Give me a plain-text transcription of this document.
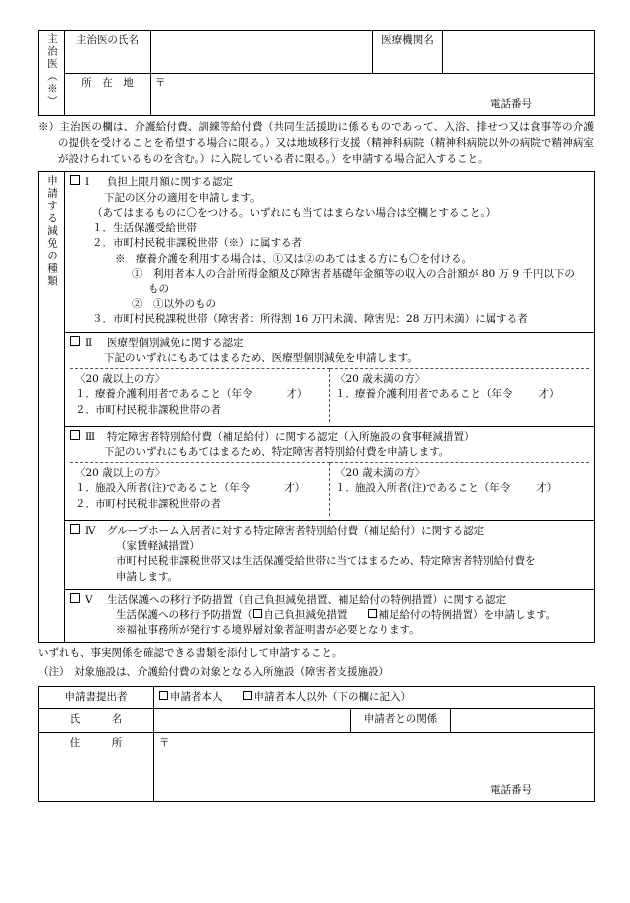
主治医（※）	主治医の氏名		医療機関名	
	所　在　地	〒
電話番号		
※）主治医の欄は、介護給付費、訓練等給付費（共同生活援助に係るものであって、入浴、排せつ又は食事等の介護の提供を受けることを希望する場合に限る。）又は地域移行支援（精神科病院（精神科病院以外の病院で精神病室が設けられているものを含む。）に入院している者に限る。）を申請する場合記入すること。
申請する減免の種類	Ⅰ 負担上限月額に関する認定
下記の区分の適用を申請します。
（あてはまるものに〇をつける。いずれにも当てはまらない場合は空欄とすること。）
１．生活保護受給世帯
２．市町村民税非課税世帯（※）に属する者
※　療養介護を利用する場合は、①又は②のあてはまる方にも〇を付ける。
①　利用者本人の合計所得金額及び障害者基礎年金額等の収入の合計額が 80 万 9 千円以下の
もの
②　①以外のもの
３．市町村民税課税世帯（障害者：所得割 16 万円未満、障害児：28 万円未満）に属する者

Ⅱ 医療型個別減免に関する認定
下記のいずれにもあてはまるため、医療型個別減免を申請します。
〈20 歳以上の方〉
１．療養介護利用者であること（年令	才）
２．市町村民税非課税世帯の者

〈20 歳未満の方〉
１．療養介護利用者であること（年令 才）

Ⅲ 特定障害者特別給付費（補足給付）に関する認定（入所施設の食事軽減措置）
下記のいずれにもあてはまるため、特定障害者特別給付費を申請します。
〈20 歳以上の方〉
１．施設入所者(注)であること（年令	才）
２．市町村民税非課税世帯の者

〈20 歳未満の方〉
１．施設入所者(注)であること（年令 才）

Ⅳ グループホーム入居者に対する特定障害者特別給付費（補足給付）に関する認定
（家賃軽減措置）
市町村民税非課税世帯又は生活保護受給世帯に当てはまるため、特定障害者特別給付費を
申請します。

Ⅴ 生活保護への移行予防措置（自己負担減免措置、補足給付の特例措置）に関する認定
生活保護への移行予防措置（ 自己負担減免措置	補足給付の特例措置）を申請します。
※福祉事務所が発行する境界層対象者証明書が必要となります。
いずれも、事実関係を確認できる書類を添付して申請すること。
（注） 対象施設は、介護給付費の対象となる入所施設（障害者支援施設）
申請書提出者	申請者本人 申請者本人以外（下の欄に記入）		
氏　　　名		申請者との関係	
住　　　所	〒
電話番号		
